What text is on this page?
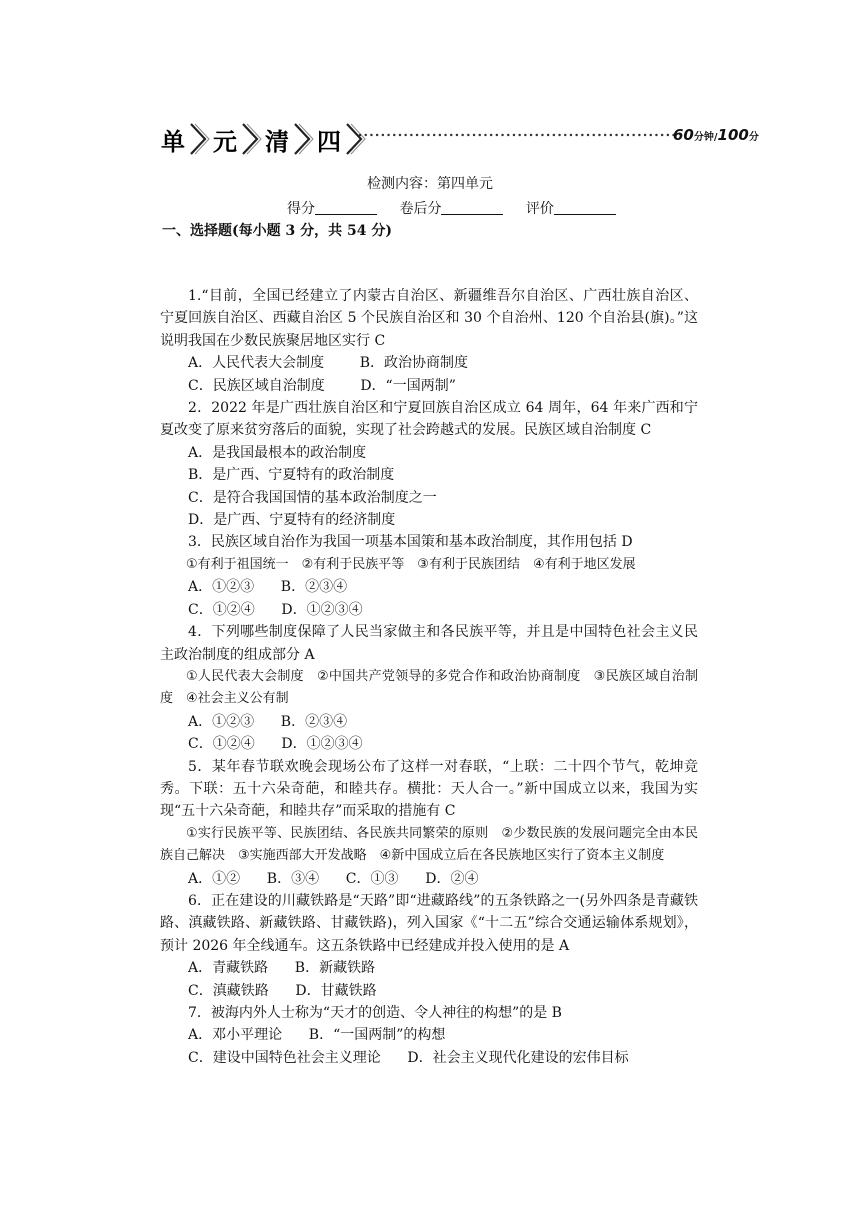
单 元 清 四	60分钟/100分
检测内容：第四单元
得分	卷后分	评价
一、选择题(每小题 3 分，共 54 分)

1.“目前，全国已经建立了内蒙古自治区、新疆维吾尔自治区、广西壮族自治区、宁夏回族自治区、西藏自治区 5 个民族自治区和 30 个自治州、120 个自治县(旗)。”这说明我国在少数民族聚居地区实行 C

A．人民代表大会制度        B．政治协商制度

C．民族区域自治制度        D．“一国两制”

2．2022 年是广西壮族自治区和宁夏回族自治区成立 64 周年，64 年来广西和宁夏改变了原来贫穷落后的面貌，实现了社会跨越式的发展。民族区域自治制度 C

A．是我国最根本的政治制度

B．是广西、宁夏特有的政治制度

C．是符合我国国情的基本政治制度之一

D．是广西、宁夏特有的经济制度

3．民族区域自治作为我国一项基本国策和基本政治制度，其作用包括 D

①有利于祖国统一　②有利于民族平等　③有利于民族团结　④有利于地区发展

A．①②③      B．②③④

C．①②④      D．①②③④

4．下列哪些制度保障了人民当家做主和各民族平等，并且是中国特色社会主义民主政治制度的组成部分 A

①人民代表大会制度　②中国共产党领导的多党合作和政治协商制度　③民族区域自治制度　④社会主义公有制

A．①②③      B．②③④

C．①②④      D．①②③④

5．某年春节联欢晚会现场公布了这样一对春联，“上联：二十四个节气，乾坤竞秀。下联：五十六朵奇葩，和睦共存。横批：天人合一。”新中国成立以来，我国为实现“五十六朵奇葩，和睦共存”而采取的措施有 C

①实行民族平等、民族团结、各民族共同繁荣的原则　②少数民族的发展问题完全由本民族自己解决　③实施西部大开发战略　④新中国成立后在各民族地区实行了资本主义制度

A．①②      B．③④      C．①③      D．②④

6．正在建设的川藏铁路是“天路”即“进藏路线”的五条铁路之一(另外四条是青藏铁路、滇藏铁路、新藏铁路、甘藏铁路)，列入国家《“十二五”综合交通运输体系规划》，预计 2026 年全线通车。这五条铁路中已经建成并投入使用的是 A

A．青藏铁路      B．新藏铁路

C．滇藏铁路      D．甘藏铁路

7．被海内外人士称为“天才的创造、令人神往的构想”的是 B

A．邓小平理论      B．“一国两制”的构想

C．建设中国特色社会主义理论      D．社会主义现代化建设的宏伟目标
